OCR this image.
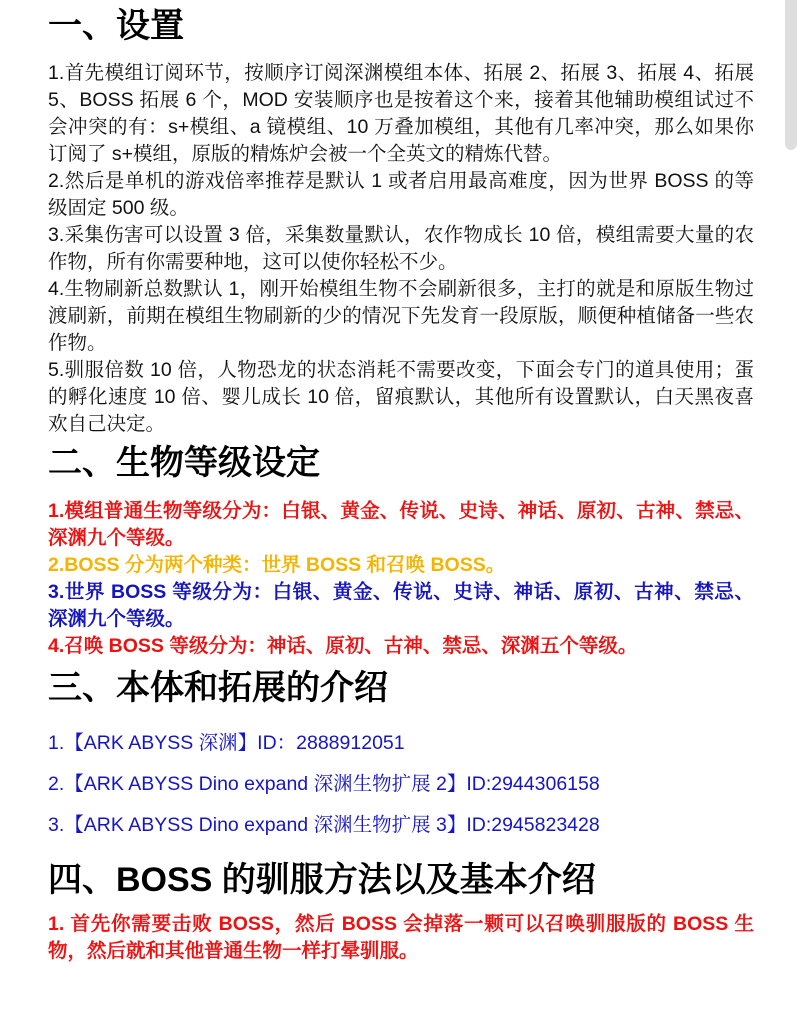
一、设置

1.首先模组订阅环节，按顺序订阅深渊模组本体、拓展 2、拓展 3、拓展 4、拓展 5、BOSS 拓展 6 个，MOD 安装顺序也是按着这个来，接着其他辅助模组试过不会冲突的有：s+模组、a 镜模组、10 万叠加模组，其他有几率冲突，那么如果你订阅了 s+模组，原版的精炼炉会被一个全英文的精炼代替。

2.然后是单机的游戏倍率推荐是默认 1 或者启用最高难度，因为世界 BOSS 的等级固定 500 级。

3.采集伤害可以设置 3 倍，采集数量默认，农作物成长 10 倍，模组需要大量的农作物，所有你需要种地，这可以使你轻松不少。

4.生物刷新总数默认 1，刚开始模组生物不会刷新很多，主打的就是和原版生物过渡刷新，前期在模组生物刷新的少的情况下先发育一段原版，顺便种植储备一些农作物。

5.驯服倍数 10 倍，人物恐龙的状态消耗不需要改变，下面会专门的道具使用；蛋的孵化速度 10 倍、婴儿成长 10 倍，留痕默认，其他所有设置默认，白天黑夜喜欢自己决定。

二、生物等级设定

1.模组普通生物等级分为：白银、黄金、传说、史诗、神话、原初、古神、禁忌、深渊九个等级。

2.BOSS 分为两个种类：世界 BOSS 和召唤 BOSS。

3.世界 BOSS 等级分为：白银、黄金、传说、史诗、神话、原初、古神、禁忌、深渊九个等级。

4.召唤 BOSS 等级分为：神话、原初、古神、禁忌、深渊五个等级。

三、本体和拓展的介绍

1.【ARK ABYSS 深渊】ID：2888912051

2.【ARK ABYSS Dino expand 深渊生物扩展 2】ID:2944306158

3.【ARK ABYSS Dino expand 深渊生物扩展 3】ID:2945823428

四、BOSS 的驯服方法以及基本介绍

1. 首先你需要击败 BOSS，然后 BOSS 会掉落一颗可以召唤驯服版的 BOSS 生物，然后就和其他普通生物一样打晕驯服。
